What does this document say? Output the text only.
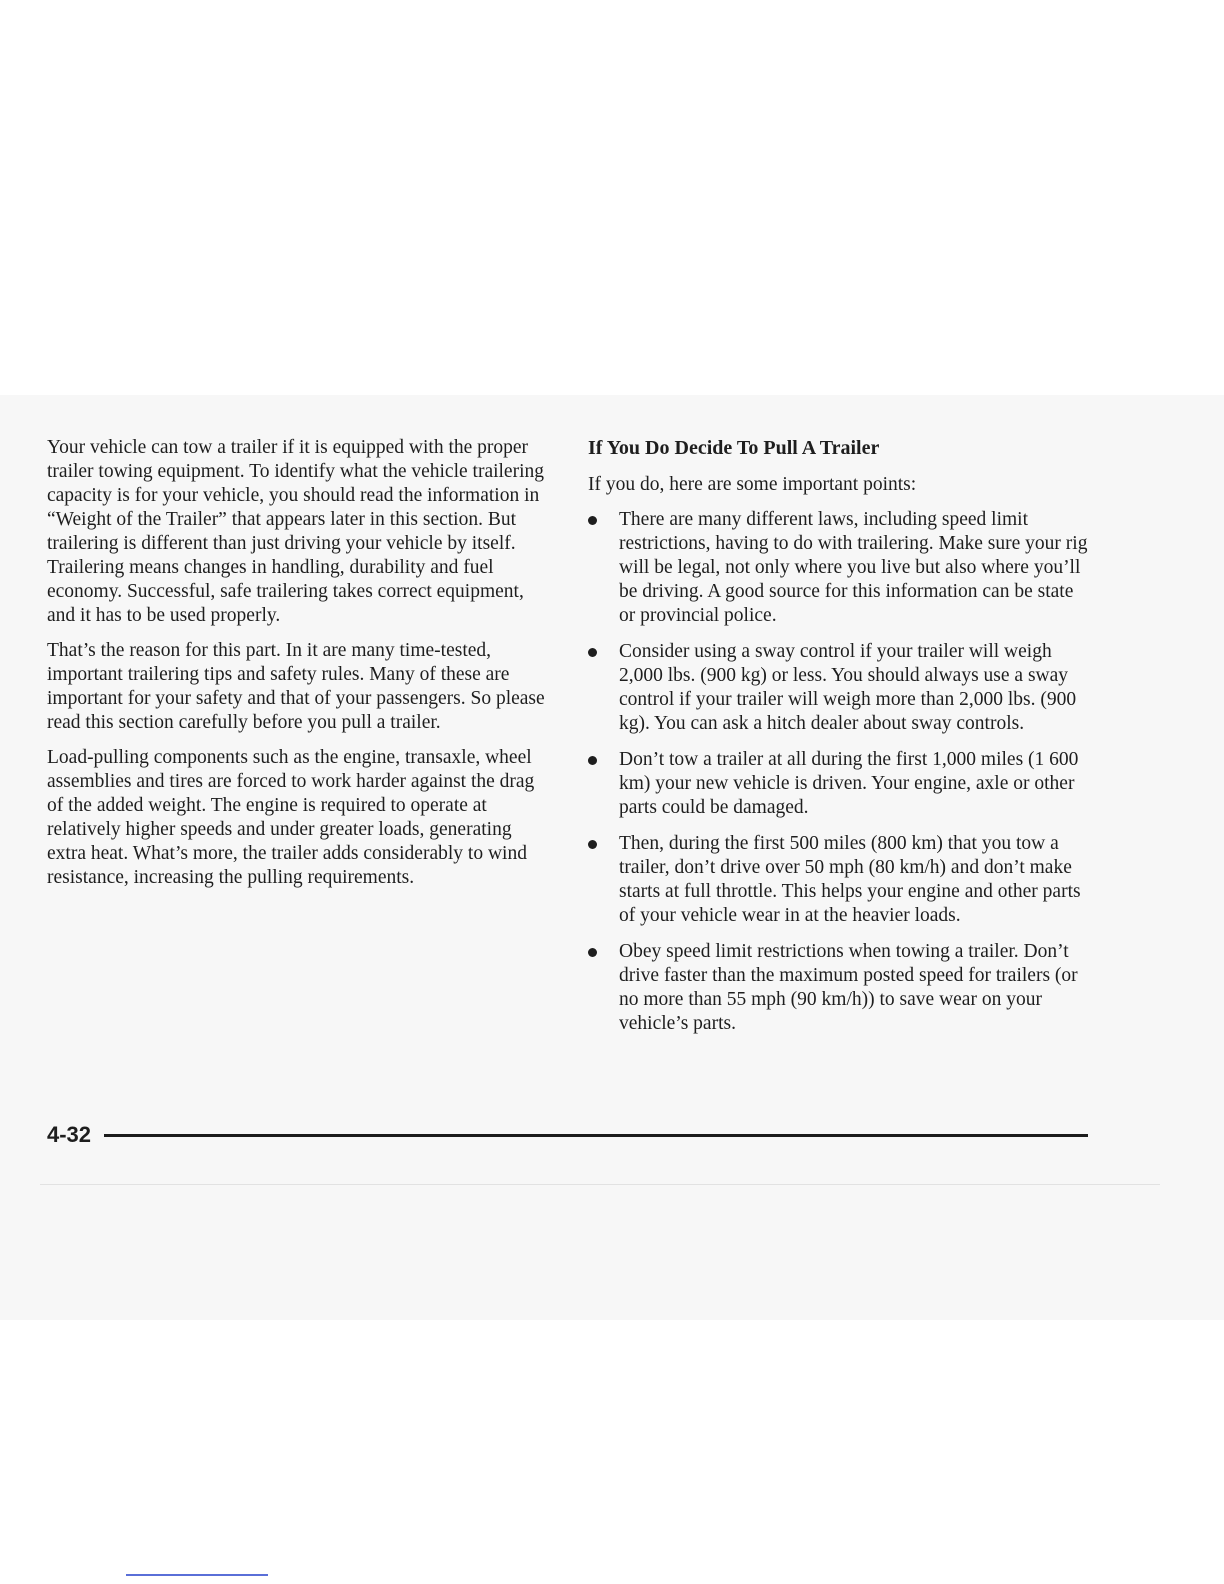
Your vehicle can tow a trailer if it is equipped with the proper trailer towing equipment. To identify what the vehicle trailering capacity is for your vehicle, you should read the information in “Weight of the Trailer” that appears later in this section. But trailering is different than just driving your vehicle by itself. Trailering means changes in handling, durability and fuel economy. Successful, safe trailering takes correct equipment, and it has to be used properly.

That’s the reason for this part. In it are many time-tested, important trailering tips and safety rules. Many of these are important for your safety and that of your passengers. So please read this section carefully before you pull a trailer.

Load-pulling components such as the engine, transaxle, wheel assemblies and tires are forced to work harder against the drag of the added weight. The engine is required to operate at relatively higher speeds and under greater loads, generating extra heat. What’s more, the trailer adds considerably to wind resistance, increasing the pulling requirements.

If You Do Decide To Pull A Trailer

If you do, here are some important points:

There are many different laws, including speed limit restrictions, having to do with trailering. Make sure your rig will be legal, not only where you live but also where you’ll be driving. A good source for this information can be state or provincial police.
Consider using a sway control if your trailer will weigh 2,000 lbs. (900 kg) or less. You should always use a sway control if your trailer will weigh more than 2,000 lbs. (900 kg). You can ask a hitch dealer about sway controls.
Don’t tow a trailer at all during the first 1,000 miles (1 600 km) your new vehicle is driven. Your engine, axle or other parts could be damaged.
Then, during the first 500 miles (800 km) that you tow a trailer, don’t drive over 50 mph (80 km/h) and don’t make starts at full throttle. This helps your engine and other parts of your vehicle wear in at the heavier loads.
Obey speed limit restrictions when towing a trailer. Don’t drive faster than the maximum posted speed for trailers (or no more than 55 mph (90 km/h)) to save wear on your vehicle’s parts.
4-32
